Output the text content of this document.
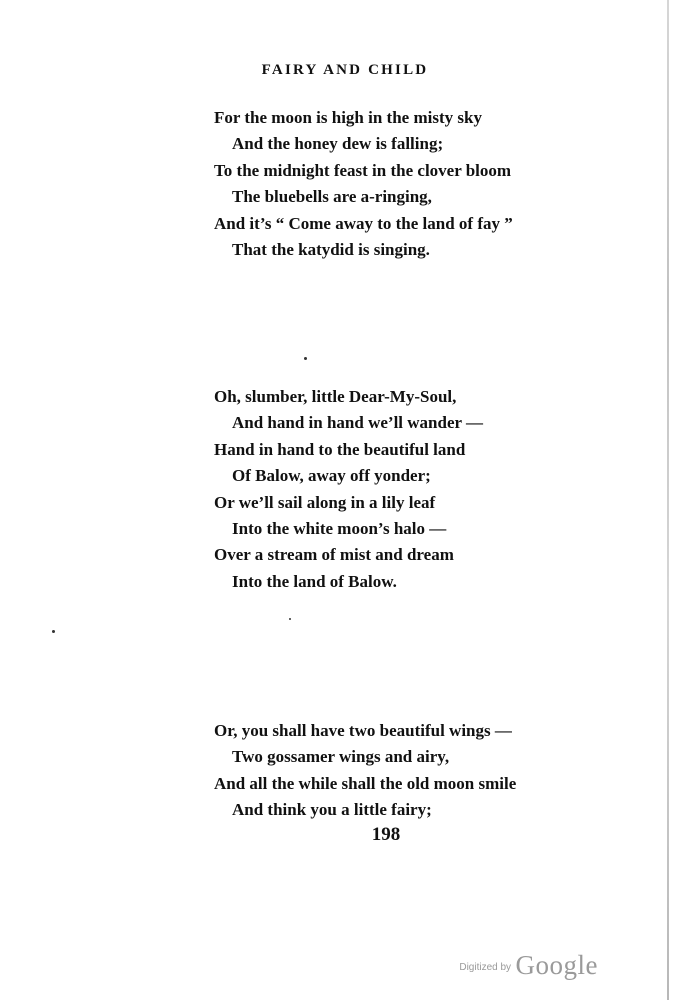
FAIRY AND CHILD
For the moon is high in the misty sky
And the honey dew is falling;
To the midnight feast in the clover bloom
The bluebells are a-ringing,
And it’s “ Come away to the land of fay ”
That the katydid is singing.
Oh, slumber, little Dear-My-Soul,
And hand in hand we’ll wander —
Hand in hand to the beautiful land
Of Balow, away off yonder;
Or we’ll sail along in a lily leaf
Into the white moon’s halo —
Over a stream of mist and dream
Into the land of Balow.
Or, you shall have two beautiful wings —
Two gossamer wings and airy,
And all the while shall the old moon smile
And think you a little fairy;
198
$^{Digitized by}$ Google
